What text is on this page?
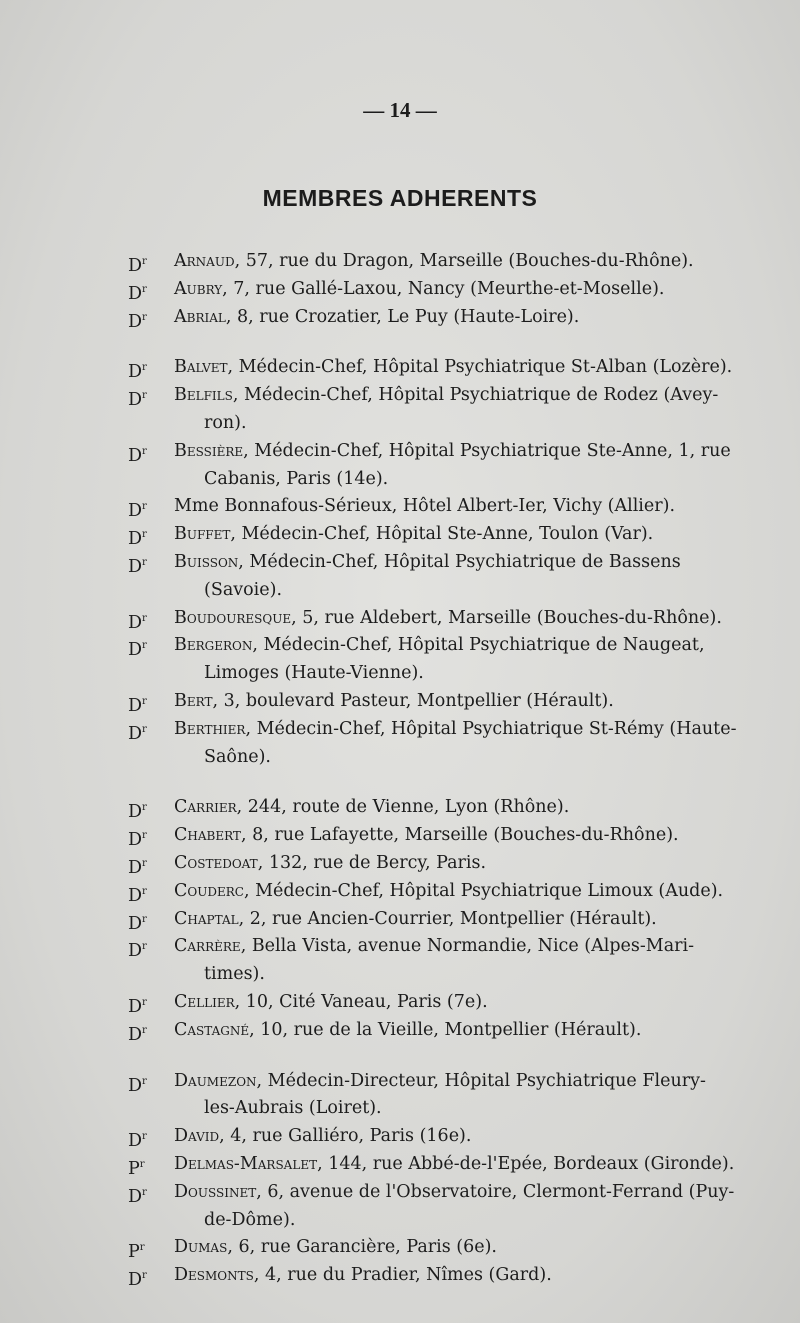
— 14 —
MEMBRES ADHERENTS
$D^r$ Arnaud, 57, rue du Dragon, Marseille (Bouches-du-Rhône).
$D^r$ Aubry, 7, rue Gallé-Laxou, Nancy (Meurthe-et-Moselle).
$D^r$ Abrial, 8, rue Crozatier, Le Puy (Haute-Loire).
$D^r$ Balvet, Médecin-Chef, Hôpital Psychiatrique St-Alban (Lozère).
$D^r$ Belfils, Médecin-Chef, Hôpital Psychiatrique de Rodez (Avey-
ron).
$D^r$ Bessière, Médecin-Chef, Hôpital Psychiatrique Ste-Anne, 1, rue
Cabanis, Paris (14e).
$D^r$ Mme Bonnafous-Sérieux, Hôtel Albert-Ier, Vichy (Allier).
$D^r$ Buffet, Médecin-Chef, Hôpital Ste-Anne, Toulon (Var).
$D^r$ Buisson, Médecin-Chef, Hôpital Psychiatrique de Bassens
(Savoie).
$D^r$ Boudouresque, 5, rue Aldebert, Marseille (Bouches-du-Rhône).
$D^r$ Bergeron, Médecin-Chef, Hôpital Psychiatrique de Naugeat,
Limoges (Haute-Vienne).
$D^r$ Bert, 3, boulevard Pasteur, Montpellier (Hérault).
$D^r$ Berthier, Médecin-Chef, Hôpital Psychiatrique St-Rémy (Haute-
Saône).
$D^r$ Carrier, 244, route de Vienne, Lyon (Rhône).
$D^r$ Chabert, 8, rue Lafayette, Marseille (Bouches-du-Rhône).
$D^r$ Costedoat, 132, rue de Bercy, Paris.
$D^r$ Couderc, Médecin-Chef, Hôpital Psychiatrique Limoux (Aude).
$D^r$ Chaptal, 2, rue Ancien-Courrier, Montpellier (Hérault).
$D^r$ Carrère, Bella Vista, avenue Normandie, Nice (Alpes-Mari-
times).
$D^r$ Cellier, 10, Cité Vaneau, Paris (7e).
$D^r$ Castagné, 10, rue de la Vieille, Montpellier (Hérault).
$D^r$ Daumezon, Médecin-Directeur, Hôpital Psychiatrique Fleury-
les-Aubrais (Loiret).
$D^r$ David, 4, rue Galliéro, Paris (16e).
$P^r$ Delmas-Marsalet, 144, rue Abbé-de-l'Epée, Bordeaux (Gironde).
$D^r$ Doussinet, 6, avenue de l'Observatoire, Clermont-Ferrand (Puy-
de-Dôme).
$P^r$ Dumas, 6, rue Garancière, Paris (6e).
$D^r$ Desmonts, 4, rue du Pradier, Nîmes (Gard).
